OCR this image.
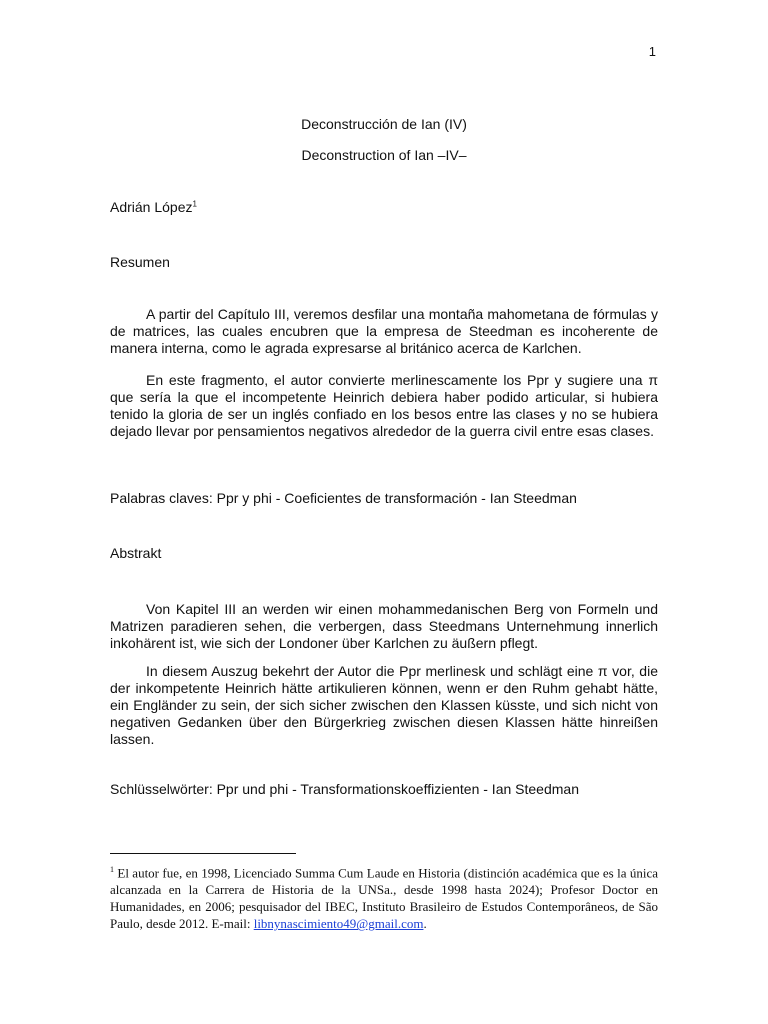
1
Deconstrucción de Ian (IV)
Deconstruction of Ian –IV–
Adrián López$^1$
Resumen

A partir del Capítulo III, veremos desfilar una montaña mahometana de fórmulas y de matrices, las cuales encubren que la empresa de Steedman es incoherente de manera interna, como le agrada expresarse al británico acerca de Karlchen.

En este fragmento, el autor convierte merlinescamente los Ppr y sugiere una π que sería la que el incompetente Heinrich debiera haber podido articular, si hubiera tenido la gloria de ser un inglés confiado en los besos entre las clases y no se hubiera dejado llevar por pensamientos negativos alrededor de la guerra civil entre esas clases.

Palabras claves: Ppr y phi - Coeficientes de transformación - Ian Steedman
Abstrakt

Von Kapitel III an werden wir einen mohammedanischen Berg von Formeln und Matrizen paradieren sehen, die verbergen, dass Steedmans Unternehmung innerlich inkohärent ist, wie sich der Londoner über Karlchen zu äußern pflegt.

In diesem Auszug bekehrt der Autor die Ppr merlinesk und schlägt eine π vor, die der inkompetente Heinrich hätte artikulieren können, wenn er den Ruhm gehabt hätte, ein Engländer zu sein, der sich sicher zwischen den Klassen küsste, und sich nicht von negativen Gedanken über den Bürgerkrieg zwischen diesen Klassen hätte hinreißen lassen.

Schlüsselwörter: Ppr und phi - Transformationskoeffizienten - Ian Steedman

$^1$ El autor fue, en 1998, Licenciado Summa Cum Laude en Historia (distinción académica que es la única alcanzada en la Carrera de Historia de la UNSa., desde 1998 hasta 2024); Profesor Doctor en Humanidades, en 2006; pesquisador del IBEC, Instituto Brasileiro de Estudos Contemporâneos, de São Paulo, desde 2012. E-mail: libnynascimiento49@gmail.com.
